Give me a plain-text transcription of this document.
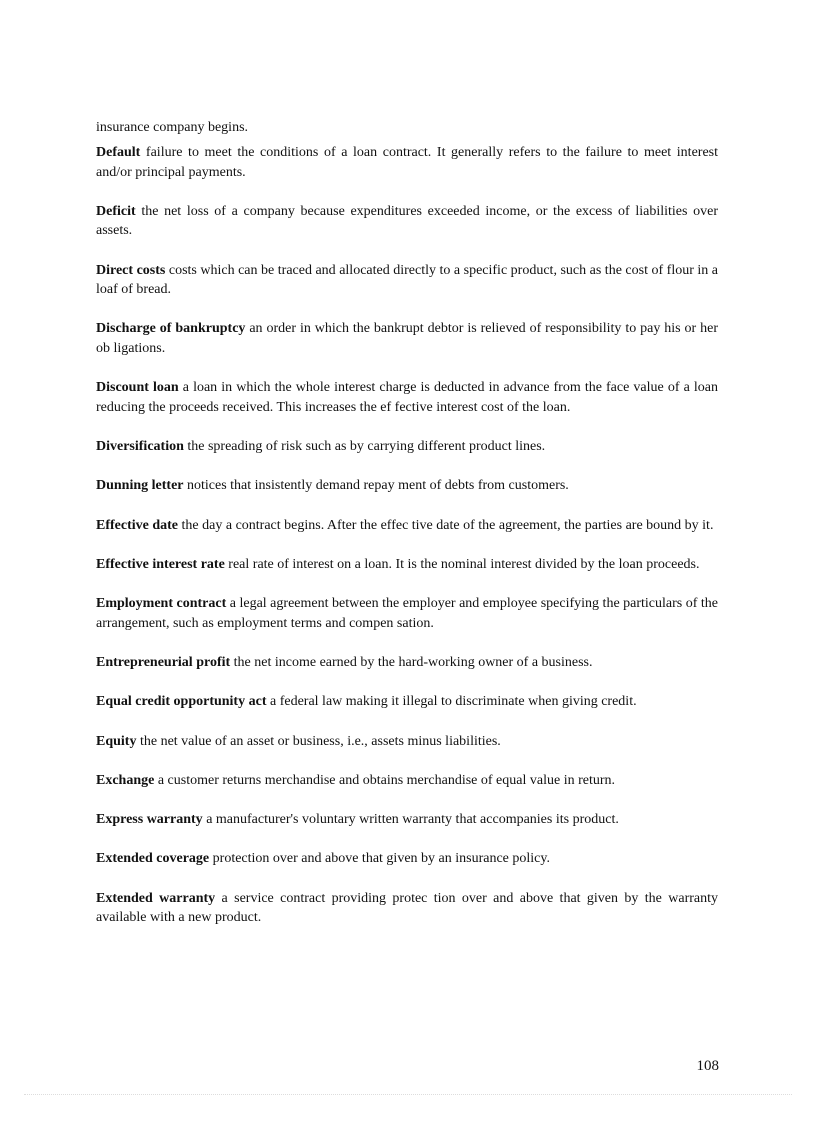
insurance company begins.

Default failure to meet the conditions of a loan contract. It generally refers to the failure to meet interest and/or principal payments.

Deficit the net loss of a company because expenditures exceeded income, or the excess of liabilities over assets.

Direct costs costs which can be traced and allocated directly to a specific product, such as the cost of flour in a loaf of bread.

Discharge of bankruptcy an order in which the bankrupt debtor is relieved of responsibility to pay his or her ob ligations.

Discount loan a loan in which the whole interest charge is deducted in advance from the face value of a loan reducing the proceeds received. This increases the ef fective interest cost of the loan.

Diversification the spreading of risk such as by carrying different product lines.

Dunning letter notices that insistently demand repay ment of debts from customers.

Effective date the day a contract begins. After the effec tive date of the agreement, the parties are bound by it.

Effective interest rate real rate of interest on a loan. It is the nominal interest divided by the loan proceeds.

Employment contract a legal agreement between the employer and employee specifying the particulars of the arrangement, such as employment terms and compen sation.

Entrepreneurial profit the net income earned by the hard-working owner of a business.

Equal credit opportunity act a federal law making it illegal to discriminate when giving credit.

Equity the net value of an asset or business, i.e., assets minus liabilities.

Exchange a customer returns merchandise and obtains merchandise of equal value in return.

Express warranty a manufacturer's voluntary written warranty that accompanies its product.

Extended coverage protection over and above that given by an insurance policy.

Extended warranty a service contract providing protec tion over and above that given by the warranty available with a new product.

108
